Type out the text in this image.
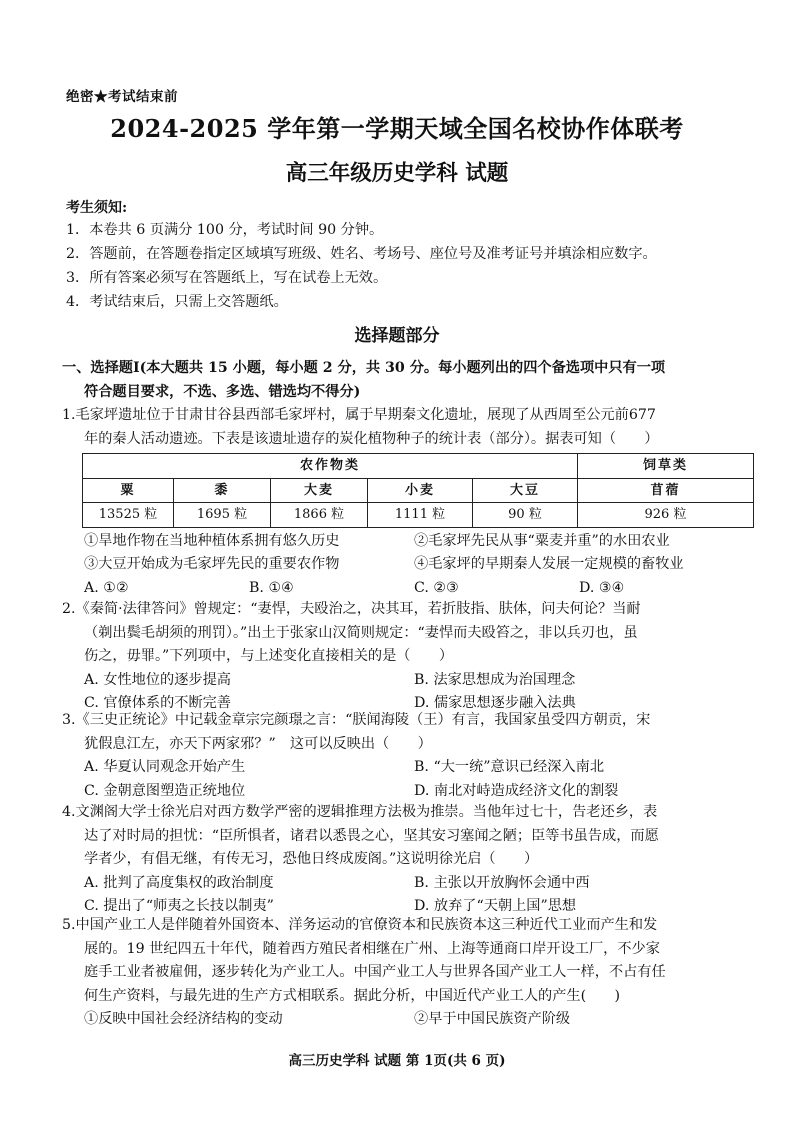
绝密★考试结束前
2024-2025 学年第一学期天域全国名校协作体联考
高三年级历史学科 试题
考生须知:
1．本卷共 6 页满分 100 分，考试时间 90 分钟。
2．答题前，在答题卷指定区域填写班级、姓名、考场号、座位号及准考证号并填涂相应数字。
3．所有答案必须写在答题纸上，写在试卷上无效。
4．考试结束后，只需上交答题纸。
选择题部分
一、选择题Ⅰ(本大题共 15 小题，每小题 2 分，共 30 分。每小题列出的四个备选项中只有一项
符合题目要求，不选、多选、错选均不得分)
1.毛家坪遗址位于甘肃甘谷县西部毛家坪村，属于早期秦文化遗址，展现了从西周至公元前677
年的秦人活动遗迹。下表是该遗址遗存的炭化植物种子的统计表（部分）。据表可知（　　）
农作物类					饲草类
粟	黍	大麦	小麦	大豆	苜蓿
13525 粒	1695 粒	1866 粒	1111 粒	90 粒	926 粒
①旱地作物在当地种植体系拥有悠久历史	②毛家坪先民从事“粟麦并重”的水田农业
③大豆开始成为毛家坪先民的重要农作物	④毛家坪的早期秦人发展一定规模的畜牧业
A. ①②	B. ①④	C. ②③	D. ③④
2.《秦简·法律答问》曾规定：“妻悍，夫殴治之，决其耳，若折肢指、肤体，问夫何论？当耐
（剃出鬓毛胡须的刑罚）。”出土于张家山汉简则规定：“妻悍而夫殴笞之，非以兵刃也，虽
伤之，毋罪。”下列项中，与上述变化直接相关的是（　　）
A. 女性地位的逐步提高	B. 法家思想成为治国理念
C. 官僚体系的不断完善	D. 儒家思想逐步融入法典
3.《三史正统论》中记载金章宗完颜璟之言：“朕闻海陵（王）有言，我国家虽受四方朝贡，宋
犹假息江左，亦天下两家邪？”　这可以反映出（　　）
A. 华夏认同观念开始产生	B. “大一统”意识已经深入南北
C. 金朝意图塑造正统地位	D. 南北对峙造成经济文化的割裂
4.文渊阁大学士徐光启对西方数学严密的逻辑推理方法极为推崇。当他年过七十，告老还乡，表
达了对时局的担忧：“臣所惧者，诸君以悉畏之心，坚其安习塞闻之陋；臣等书虽告成，而愿
学者少，有倡无继，有传无习，恐他日终成废阁。”这说明徐光启（　　）
A. 批判了高度集权的政治制度	B. 主张以开放胸怀会通中西
C. 提出了“师夷之长技以制夷”	D. 放弃了“天朝上国”思想
5.中国产业工人是伴随着外国资本、洋务运动的官僚资本和民族资本这三种近代工业而产生和发
展的。19 世纪四五十年代，随着西方殖民者相继在广州、上海等通商口岸开设工厂，不少家
庭手工业者被雇佣，逐步转化为产业工人。中国产业工人与世界各国产业工人一样，不占有任
何生产资料，与最先进的生产方式相联系。据此分析，中国近代产业工人的产生(　　)
①反映中国社会经济结构的变动	②早于中国民族资产阶级
高三历史学科 试题 第 1页(共 6 页)
